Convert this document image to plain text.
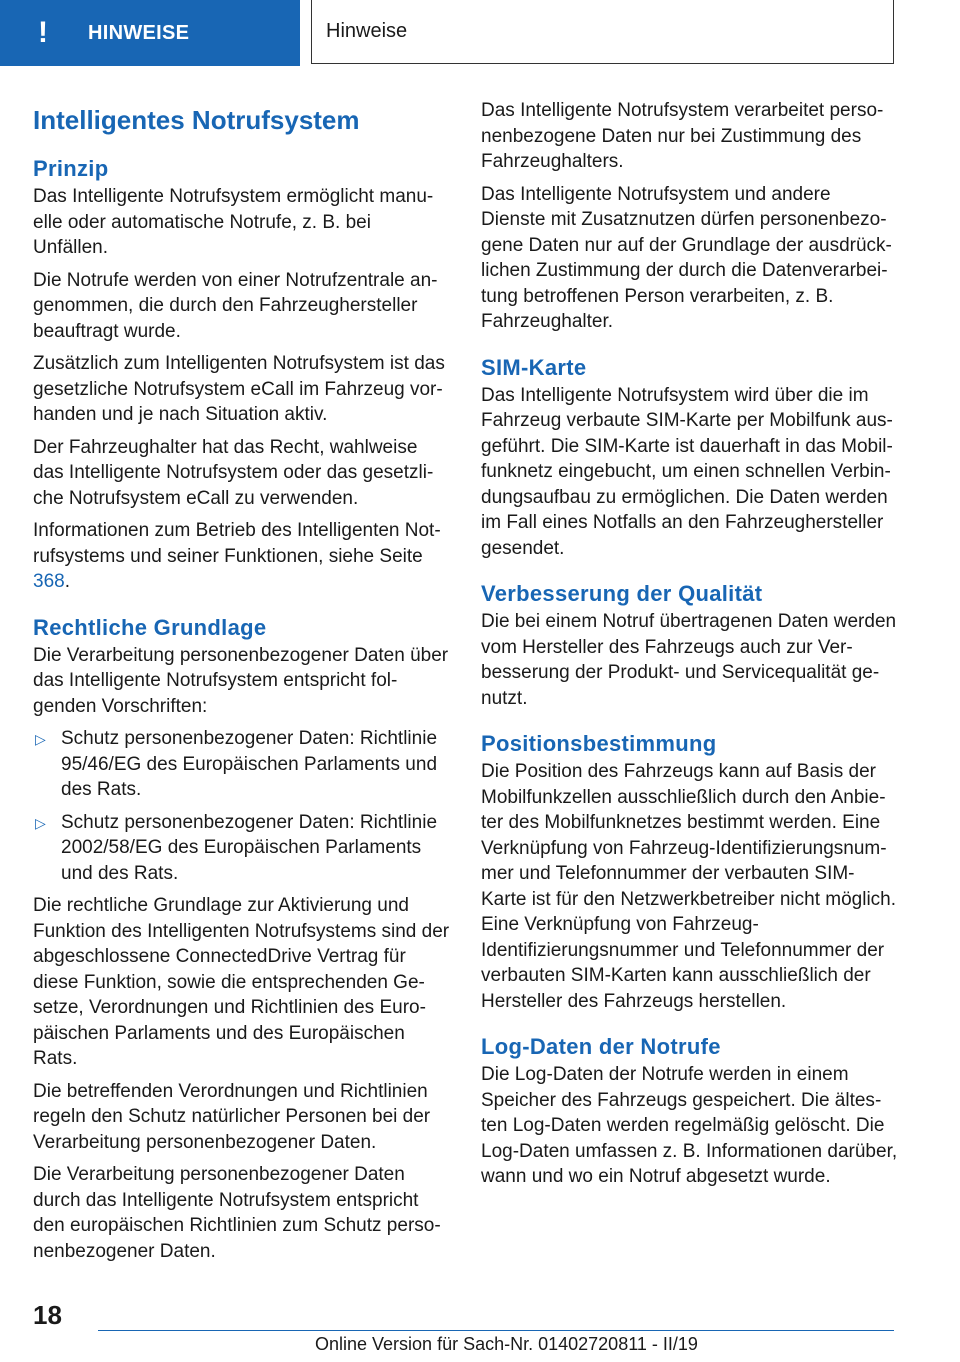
!	HINWEISE	Hinweise
Intelligentes Notrufsystem
Prinzip

Das Intelligente Notrufsystem ermöglicht manuelle oder automatische Notrufe, z. B. bei Unfällen.

Die Notrufe werden von einer Notrufzentrale angenommen, die durch den Fahrzeughersteller beauftragt wurde.

Zusätzlich zum Intelligenten Notrufsystem ist das gesetzliche Notrufsystem eCall im Fahrzeug vorhanden und je nach Situation aktiv.

Der Fahrzeughalter hat das Recht, wahlweise das Intelligente Notrufsystem oder das gesetzliche Notrufsystem eCall zu verwenden.

Informationen zum Betrieb des Intelligenten Notrufsystems und seiner Funktionen, siehe Seite 368.

Rechtliche Grundlage

Die Verarbeitung personenbezogener Daten über das Intelligente Notrufsystem entspricht folgenden Vorschriften:

▷ Schutz personenbezogener Daten: Richtlinie 95/46/EG des Europäischen Parlaments und des Rats.
▷ Schutz personenbezogener Daten: Richtlinie 2002/58/EG des Europäischen Parlaments und des Rats.

Die rechtliche Grundlage zur Aktivierung und Funktion des Intelligenten Notrufsystems sind der abgeschlossene ConnectedDrive Vertrag für diese Funktion, sowie die entsprechenden Gesetze, Verordnungen und Richtlinien des Europäischen Parlaments und des Europäischen Rats.

Die betreffenden Verordnungen und Richtlinien regeln den Schutz natürlicher Personen bei der Verarbeitung personenbezogener Daten.

Die Verarbeitung personenbezogener Daten durch das Intelligente Notrufsystem entspricht den europäischen Richtlinien zum Schutz personenbezogener Daten.

Das Intelligente Notrufsystem verarbeitet personenbezogene Daten nur bei Zustimmung des Fahrzeughalters.

Das Intelligente Notrufsystem und andere Dienste mit Zusatznutzen dürfen personenbezogene Daten nur auf der Grundlage der ausdrücklichen Zustimmung der durch die Datenverarbeitung betroffenen Person verarbeiten, z. B. Fahrzeughalter.

SIM-Karte

Das Intelligente Notrufsystem wird über die im Fahrzeug verbaute SIM-Karte per Mobilfunk ausgeführt. Die SIM-Karte ist dauerhaft in das Mobilfunknetz eingebucht, um einen schnellen Verbindungsaufbau zu ermöglichen. Die Daten werden im Fall eines Notfalls an den Fahrzeughersteller gesendet.

Verbesserung der Qualität

Die bei einem Notruf übertragenen Daten werden vom Hersteller des Fahrzeugs auch zur Verbesserung der Produkt- und Servicequalität genutzt.

Positionsbestimmung

Die Position des Fahrzeugs kann auf Basis der Mobilfunkzellen ausschließlich durch den Anbieter des Mobilfunknetzes bestimmt werden. Eine Verknüpfung von Fahrzeug-Identifizierungsnummer und Telefonnummer der verbauten SIM-Karte ist für den Netzwerkbetreiber nicht möglich. Eine Verknüpfung von Fahrzeug-Identifizierungsnummer und Telefonnummer der verbauten SIM-Karten kann ausschließlich der Hersteller des Fahrzeugs herstellen.

Log-Daten der Notrufe

Die Log-Daten der Notrufe werden in einem Speicher des Fahrzeugs gespeichert. Die ältesten Log-Daten werden regelmäßig gelöscht. Die Log-Daten umfassen z. B. Informationen darüber, wann und wo ein Notruf abgesetzt wurde.

18
Online Version für Sach-Nr. 01402720811 - II/19
